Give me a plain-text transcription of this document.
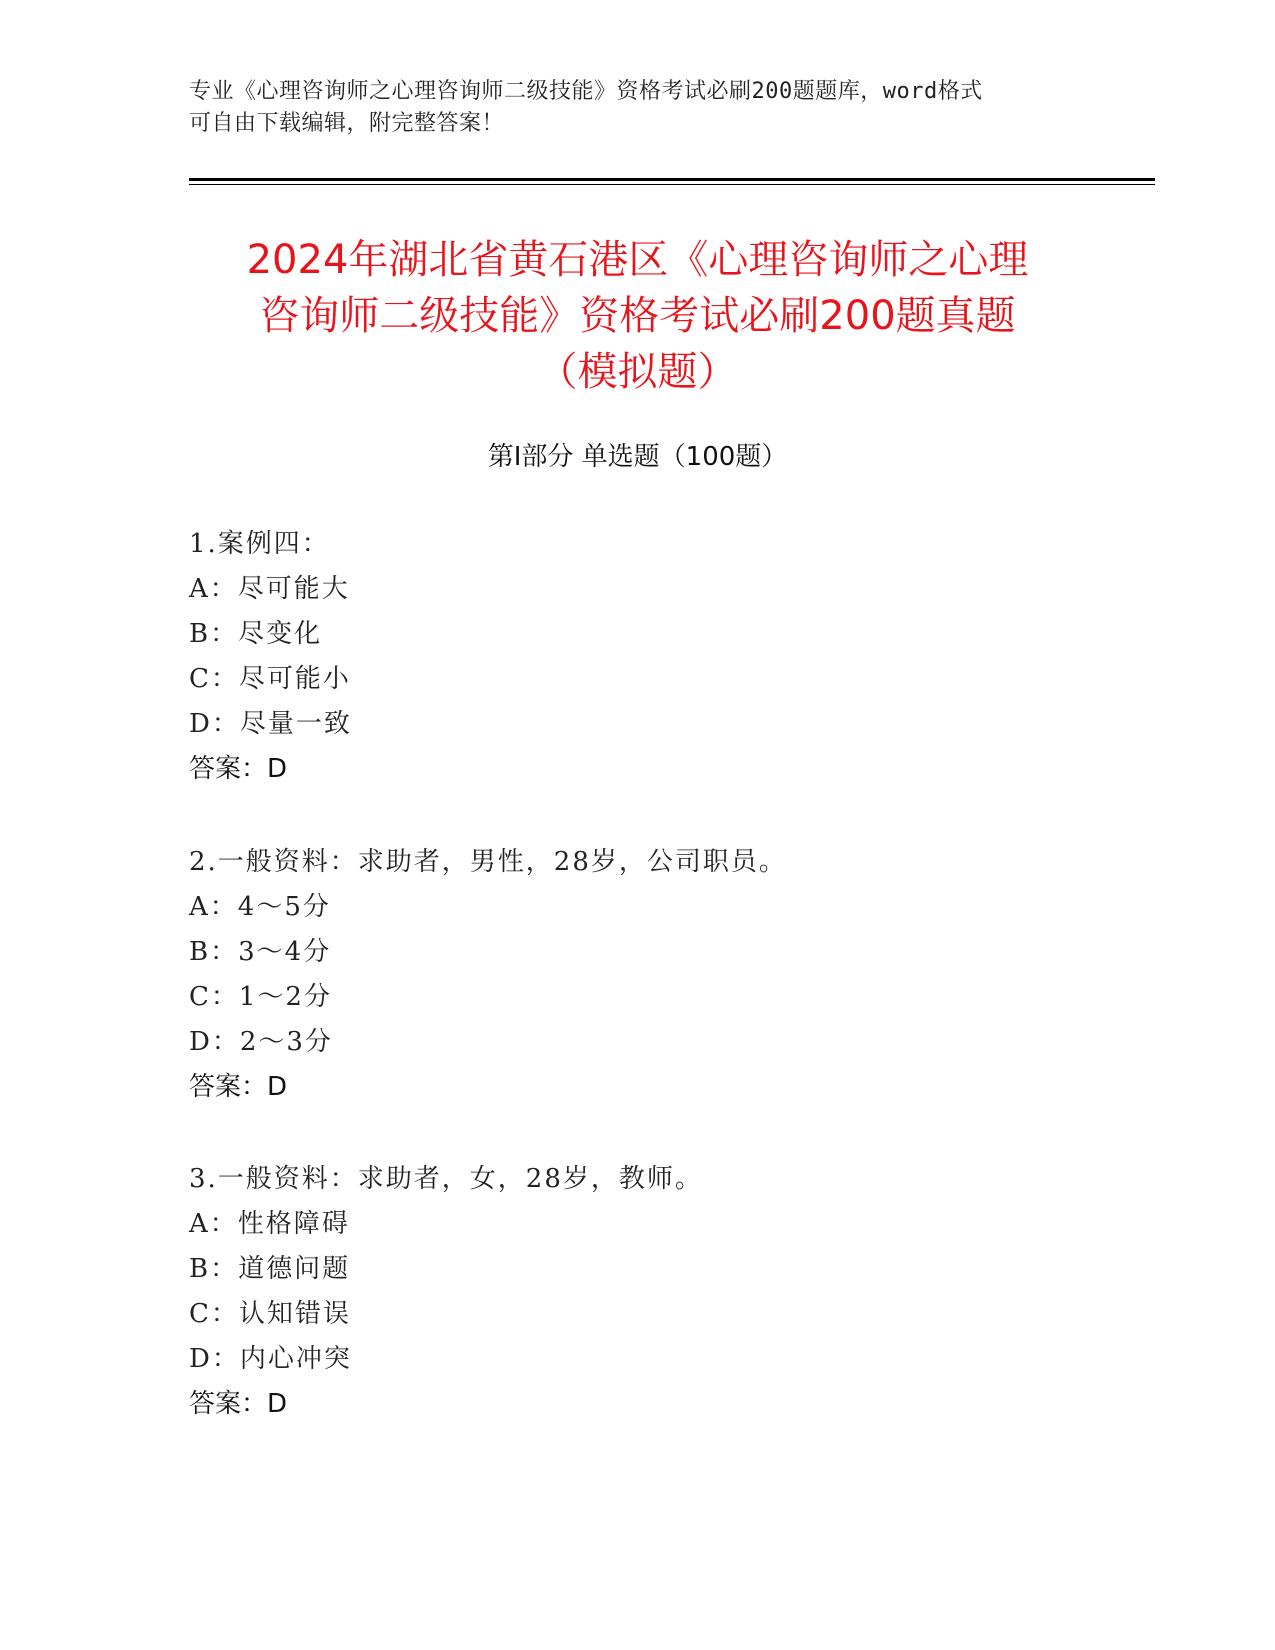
专业《心理咨询师之心理咨询师二级技能》资格考试必刷200题题库，word格式
可自由下载编辑，附完整答案！
2024年湖北省黄石港区《心理咨询师之心理
咨询师二级技能》资格考试必刷200题真题
（模拟题）
第Ⅰ部分 单选题（100题）
1.案例四：
A：尽可能大
B：尽变化
C：尽可能小
D：尽量一致
答案：D
2.一般资料：求助者，男性，28岁，公司职员。
A：4～5分
B：3～4分
C：1～2分
D：2～3分
答案：D
3.一般资料：求助者，女，28岁，教师。
A：性格障碍
B：道德问题
C：认知错误
D：内心冲突
答案：D
